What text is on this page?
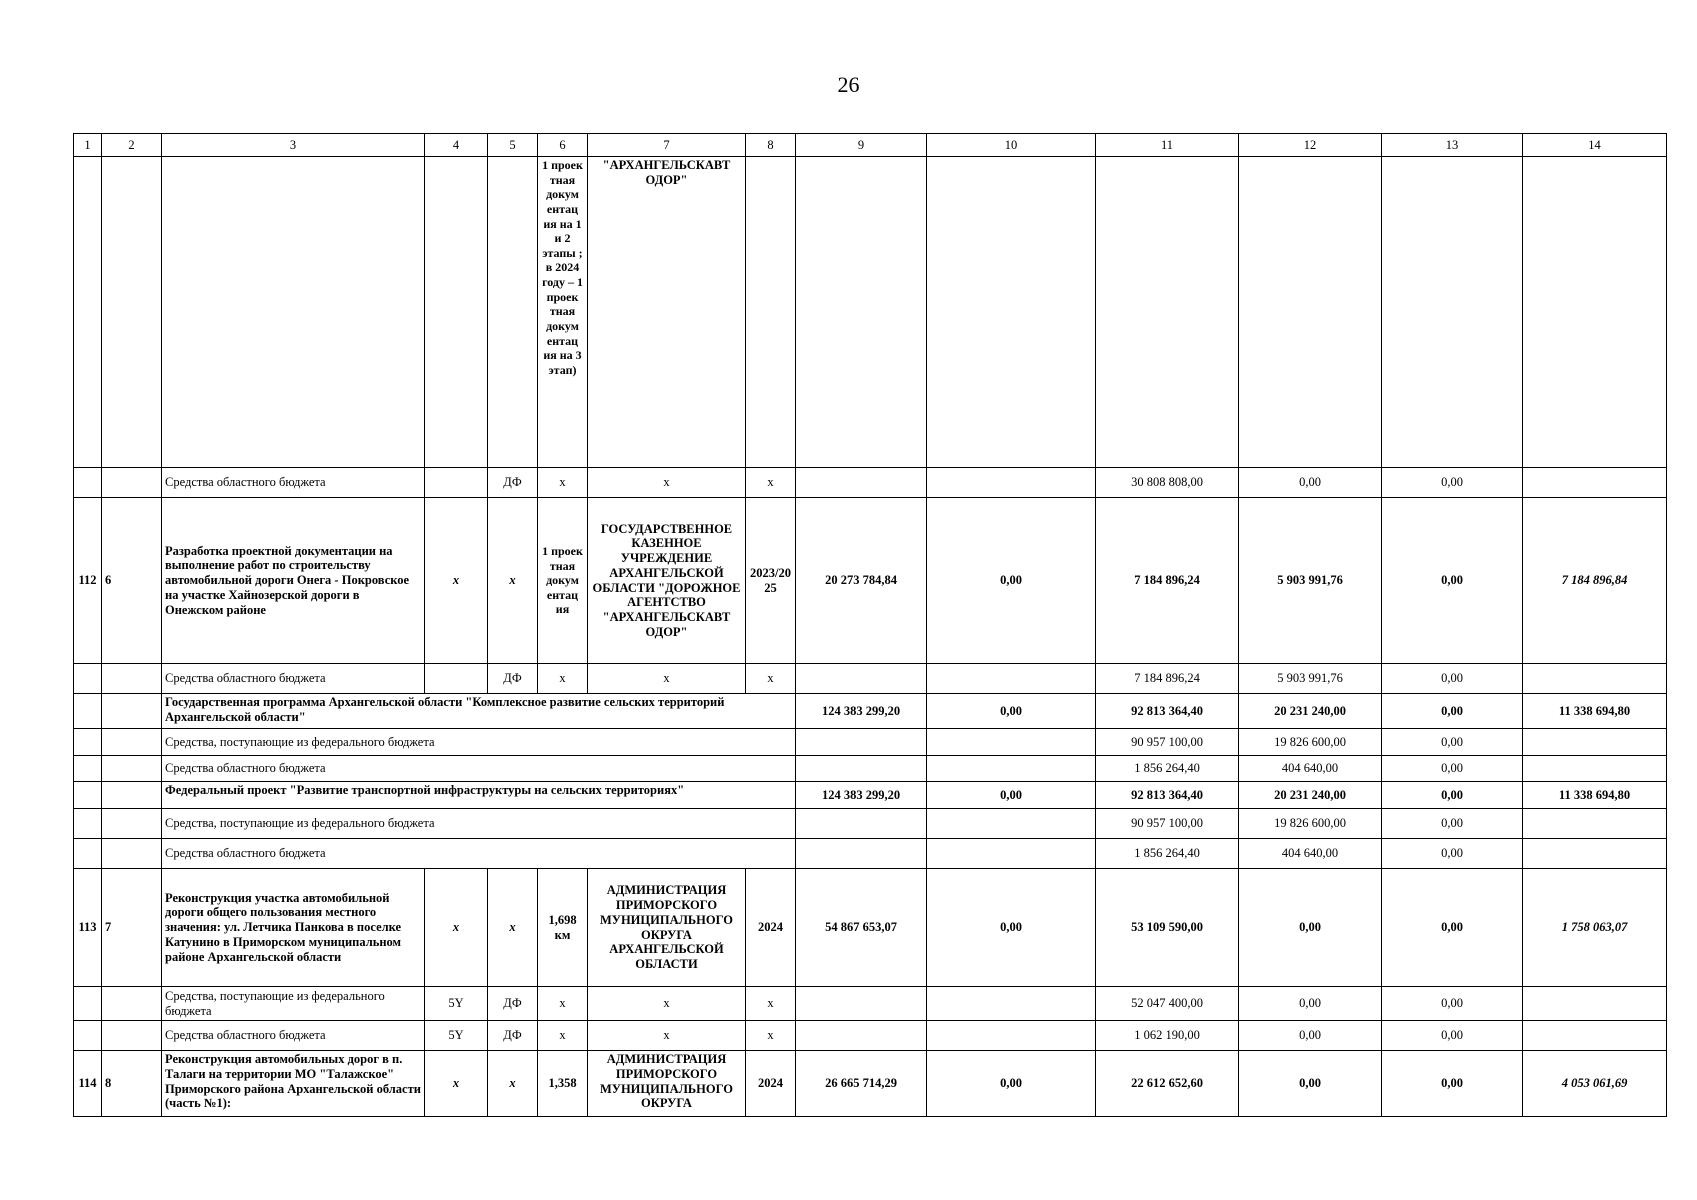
26
1	2	3	4	5	6	7	8	9	10	11	12	13	14
					1 проек тная докум ентац ия на 1 и 2 этапы ; в 2024 году – 1 проек тная докум ентац ия на 3 этап)	"АРХАНГЕЛЬСКАВТ ОДОР"							
		Средства областного бюджета		ДФ	х	х	х			30 808 808,00	0,00	0,00	
112	6	Разработка проектной документации на выполнение работ по строительству автомобильной дороги Онега - Покровское на участке Хайнозерской дороги в Онежском районе	х	х	1 проек тная докум ентац ия	ГОСУДАРСТВЕННОЕ КАЗЕННОЕ УЧРЕЖДЕНИЕ АРХАНГЕЛЬСКОЙ ОБЛАСТИ "ДОРОЖНОЕ АГЕНТСТВО "АРХАНГЕЛЬСКАВТ ОДОР"	2023/20 25	20 273 784,84	0,00	7 184 896,24	5 903 991,76	0,00	7 184 896,84
		Средства областного бюджета		ДФ	х	х	х			7 184 896,24	5 903 991,76	0,00	
		Государственная программа Архангельской области "Комплексное развитие сельских территорий Архангельской области"						124 383 299,20	0,00	92 813 364,40	20 231 240,00	0,00	11 338 694,80
		Средства, поступающие из федерального бюджета								90 957 100,00	19 826 600,00	0,00	
		Средства областного бюджета								1 856 264,40	404 640,00	0,00	
		Федеральный проект "Развитие транспортной инфраструктуры на сельских территориях"						124 383 299,20	0,00	92 813 364,40	20 231 240,00	0,00	11 338 694,80
		Средства, поступающие из федерального бюджета								90 957 100,00	19 826 600,00	0,00	
		Средства областного бюджета								1 856 264,40	404 640,00	0,00	
113	7	Реконструкция участка автомобильной дороги общего пользования местного значения: ул. Летчика Панкова в поселке Катунино в Приморском муниципальном районе Архангельской области	х	х	1,698 км	АДМИНИСТРАЦИЯ ПРИМОРСКОГО МУНИЦИПАЛЬНОГО ОКРУГА АРХАНГЕЛЬСКОЙ ОБЛАСТИ	2024	54 867 653,07	0,00	53 109 590,00	0,00	0,00	1 758 063,07
		Средства, поступающие из федерального бюджета	5Y	ДФ	х	х	х			52 047 400,00	0,00	0,00	
		Средства областного бюджета	5Y	ДФ	х	х	х			1 062 190,00	0,00	0,00	
114	8	Реконструкция автомобильных дорог в п. Талаги на территории МО "Талажское" Приморского района Архангельской области (часть №1):	х	х	1,358	АДМИНИСТРАЦИЯ ПРИМОРСКОГО МУНИЦИПАЛЬНОГО ОКРУГА	2024	26 665 714,29	0,00	22 612 652,60	0,00	0,00	4 053 061,69
